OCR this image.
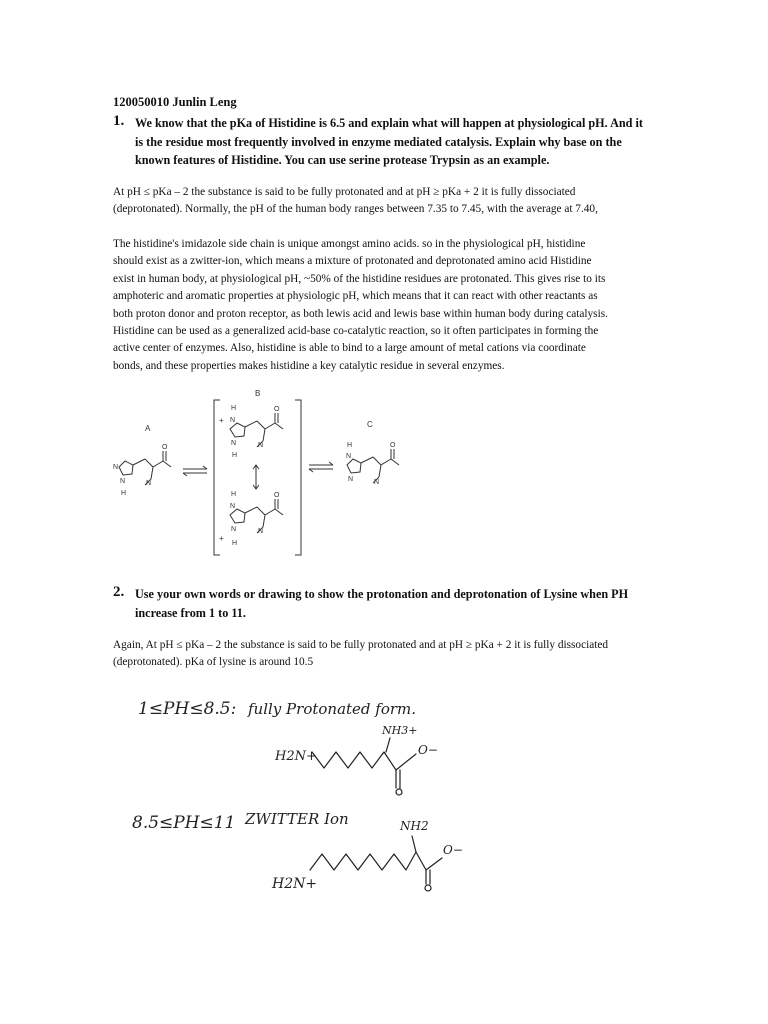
120050010 Junlin Leng
1. We know that the pKa of Histidine is 6.5 and explain what will happen at physiological pH. And it
is the residue most frequently involved in enzyme mediated catalysis. Explain why base on the
known features of Histidine. You can use serine protease Trypsin as an example.

At pH ≤ pKa – 2 the substance is said to be fully protonated and at pH ≥ pKa + 2 it is fully dissociated

(deprotonated). Normally, the pH of the human body ranges between 7.35 to 7.45, with the average at 7.40,

The histidine's imidazole side chain is unique amongst amino acids. so in the physiological pH, histidine

should exist as a zwitter-ion, which means a mixture of protonated and deprotonated amino acid Histidine

exist in human body, at physiological pH, ~50% of the histidine residues are protonated. This gives rise to its

amphoteric and aromatic properties at physiologic pH, which means that it can react with other reactants as

both proton donor and proton receptor, as both lewis acid and lewis base within human body during catalysis.

Histidine can be used as a generalized acid-base co-catalytic reaction, so it often participates in forming the

active center of enzymes. Also, histidine is able to bind to a large amount of metal cations via coordinate

bonds, and these properties makes histidine a key catalytic residue in several enzymes.

A
B
C
N
N
H
O
N
+
H
N
N
H
O
N
H
N
+
N
H
O
N
H
N
N
O
N
2. Use your own words or drawing to show the protonation and deprotonation of Lysine when PH
increase from 1 to 11.

Again, At pH ≤ pKa – 2 the substance is said to be fully protonated and at pH ≥ pKa + 2 it is fully dissociated

(deprotonated). pKa of lysine is around 10.5

1≤PH≤8.5: fully Protonated form.
NH3+
H2N+	O−
8.5≤PH≤11 ZWITTER Ion	NH2
H2N+
O−
